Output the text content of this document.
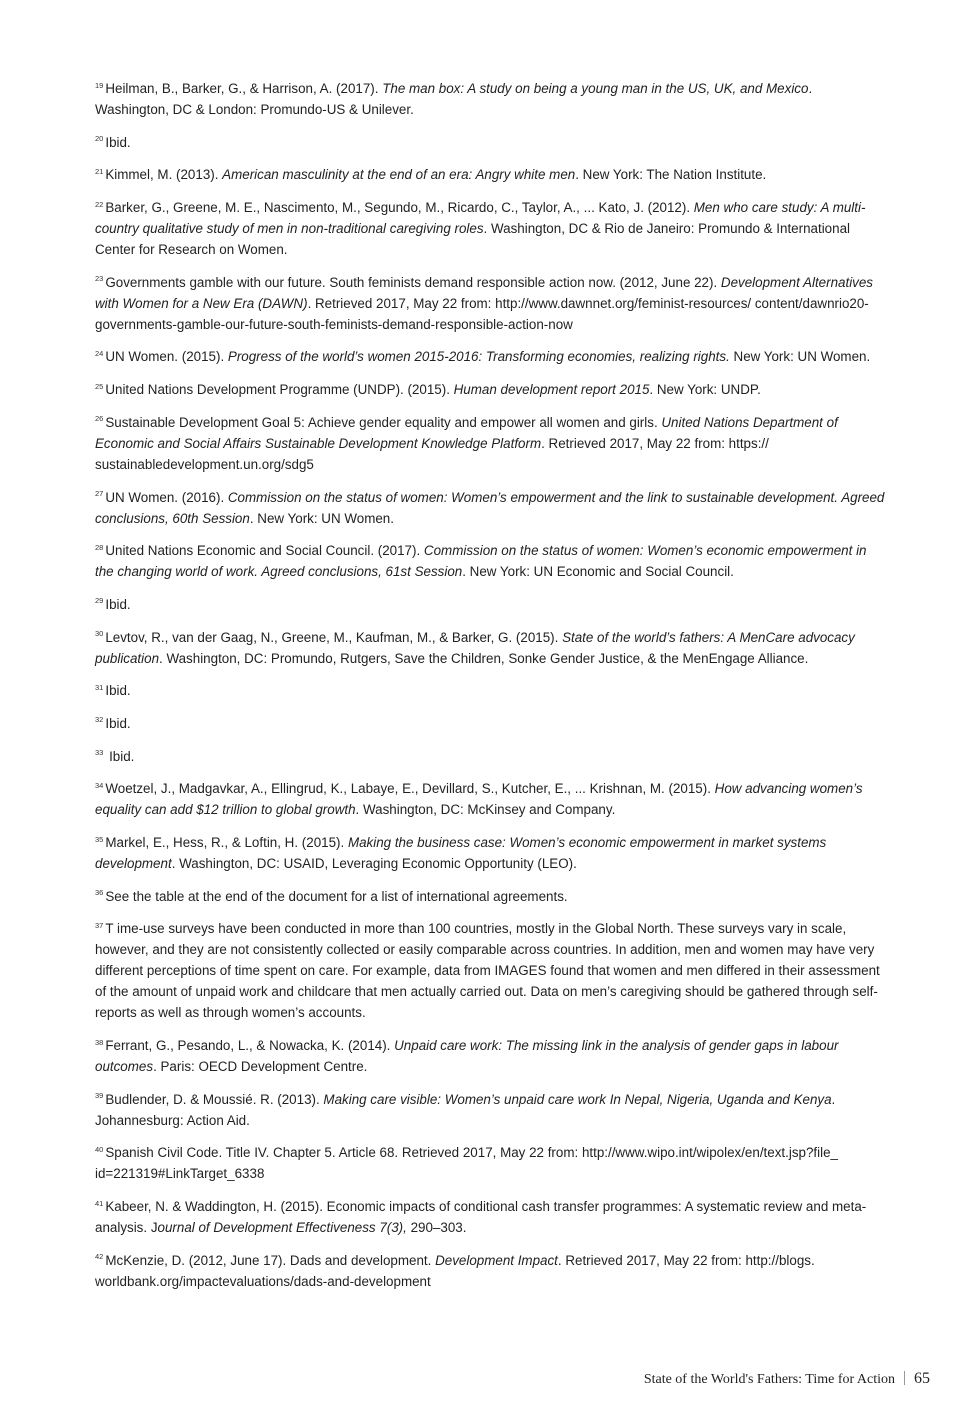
$^{19}$ Heilman, B., Barker, G., & Harrison, A. (2017). The man box: A study on being a young man in the US, UK, and Mexico. Washington, DC & London: Promundo-US & Unilever.

$^{20}$ Ibid.

$^{21}$ Kimmel, M. (2013). American masculinity at the end of an era: Angry white men. New York: The Nation Institute.

$^{22}$ Barker, G., Greene, M. E., Nascimento, M., Segundo, M., Ricardo, C., Taylor, A., ... Kato, J. (2012). Men who care study: A multi-country qualitative study of men in non-traditional caregiving roles. Washington, DC & Rio de Janeiro: Promundo & International Center for Research on Women.

$^{23}$ Governments gamble with our future. South feminists demand responsible action now. (2012, June 22). Development Alternatives with Women for a New Era (DAWN). Retrieved 2017, May 22 from: http://www.dawnnet.org/feminist-resources/ content/dawnrio20-governments-gamble-our-future-south-feminists-demand-responsible-action-now

$^{24}$ UN Women. (2015). Progress of the world’s women 2015-2016: Transforming economies, realizing rights. New York: UN Women.

$^{25}$ United Nations Development Programme (UNDP). (2015). Human development report 2015. New York: UNDP.

$^{26}$ Sustainable Development Goal 5: Achieve gender equality and empower all women and girls. United Nations Department of Economic and Social Affairs Sustainable Development Knowledge Platform. Retrieved 2017, May 22 from: https:// sustainabledevelopment.un.org/sdg5

$^{27}$ UN Women. (2016). Commission on the status of women: Women’s empowerment and the link to sustainable development. Agreed conclusions, 60th Session. New York: UN Women.

$^{28}$ United Nations Economic and Social Council. (2017). Commission on the status of women: Women’s economic empowerment in the changing world of work. Agreed conclusions, 61st Session. New York: UN Economic and Social Council.

$^{29}$ Ibid.

$^{30}$ Levtov, R., van der Gaag, N., Greene, M., Kaufman, M., & Barker, G. (2015). State of the world’s fathers: A MenCare advocacy publication. Washington, DC: Promundo, Rutgers, Save the Children, Sonke Gender Justice, & the MenEngage Alliance.

$^{31}$ Ibid.

$^{32}$ Ibid.

$^{33}$ Ibid.

$^{34}$ Woetzel, J., Madgavkar, A., Ellingrud, K., Labaye, E., Devillard, S., Kutcher, E., ... Krishnan, M. (2015). How advancing women’s equality can add $12 trillion to global growth. Washington, DC: McKinsey and Company.

$^{35}$ Markel, E., Hess, R., & Loftin, H. (2015). Making the business case: Women’s economic empowerment in market systems development. Washington, DC: USAID, Leveraging Economic Opportunity (LEO).

$^{36}$ See the table at the end of the document for a list of international agreements.

$^{37}$ T ime-use surveys have been conducted in more than 100 countries, mostly in the Global North. These surveys vary in scale, however, and they are not consistently collected or easily comparable across countries. In addition, men and women may have very different perceptions of time spent on care. For example, data from IMAGES found that women and men differed in their assessment of the amount of unpaid work and childcare that men actually carried out. Data on men’s caregiving should be gathered through self-reports as well as through women’s accounts.

$^{38}$ Ferrant, G., Pesando, L., & Nowacka, K. (2014). Unpaid care work: The missing link in the analysis of gender gaps in labour outcomes. Paris: OECD Development Centre.

$^{39}$ Budlender, D. & Moussié. R. (2013). Making care visible: Women’s unpaid care work In Nepal, Nigeria, Uganda and Kenya. Johannesburg: Action Aid.

$^{40}$ Spanish Civil Code. Title IV. Chapter 5. Article 68. Retrieved 2017, May 22 from: http://www.wipo.int/wipolex/en/text.jsp?file_ id=221319#LinkTarget_6338

$^{41}$ Kabeer, N. & Waddington, H. (2015). Economic impacts of conditional cash transfer programmes: A systematic review and meta-analysis. Journal of Development Effectiveness 7(3), 290–303.

$^{42}$ McKenzie, D. (2012, June 17). Dads and development. Development Impact. Retrieved 2017, May 22 from: http://blogs. worldbank.org/impactevaluations/dads-and-development

State of the World's Fathers: Time for Action 65
